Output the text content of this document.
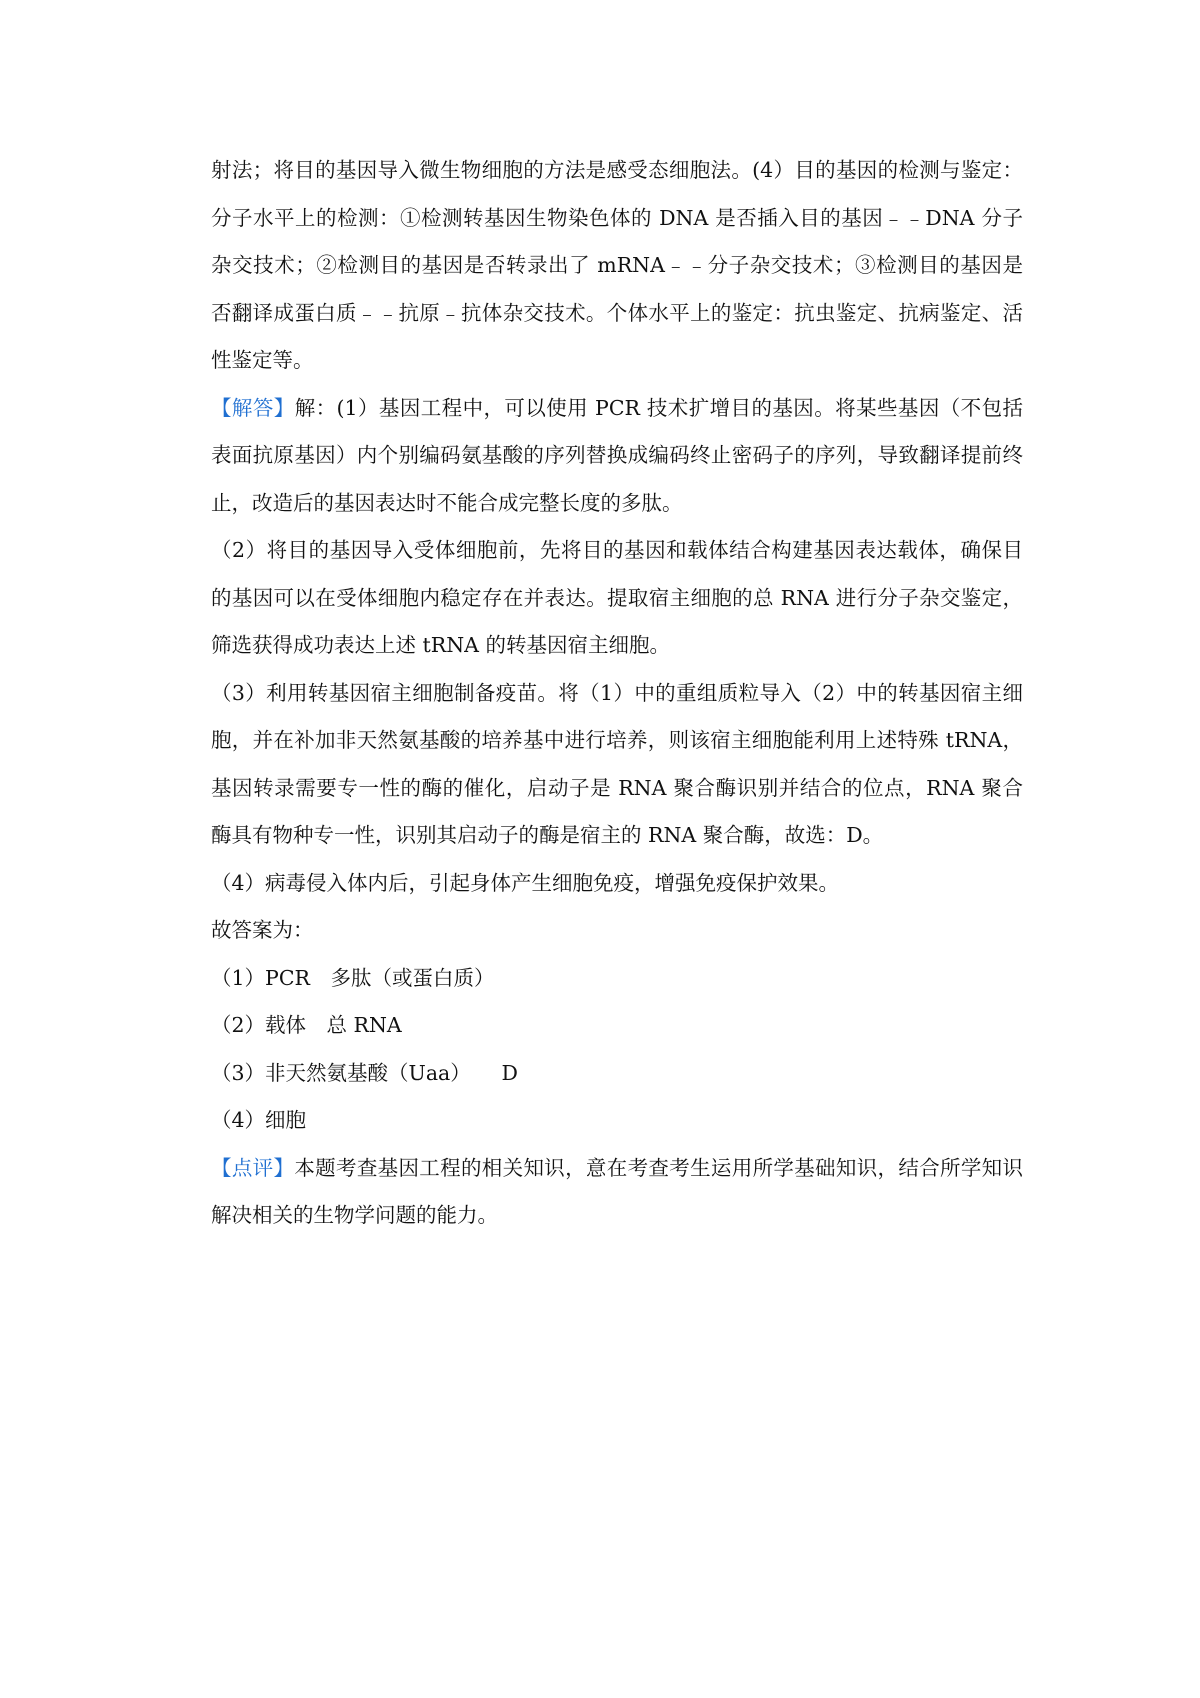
射法；将目的基因导入微生物细胞的方法是感受态细胞法。(4）目的基因的检测与鉴定：分子水平上的检测：①检测转基因生物染色体的 DNA 是否插入目的基因﹣﹣DNA 分子杂交技术；②检测目的基因是否转录出了 mRNA﹣﹣分子杂交技术；③检测目的基因是否翻译成蛋白质﹣﹣抗原﹣抗体杂交技术。个体水平上的鉴定：抗虫鉴定、抗病鉴定、活性鉴定等。

【解答】解：(1）基因工程中，可以使用 PCR 技术扩增目的基因。将某些基因（不包括表面抗原基因）内个别编码氨基酸的序列替换成编码终止密码子的序列，导致翻译提前终止，改造后的基因表达时不能合成完整长度的多肽。

（2）将目的基因导入受体细胞前，先将目的基因和载体结合构建基因表达载体，确保目的基因可以在受体细胞内稳定存在并表达。提取宿主细胞的总 RNA 进行分子杂交鉴定，筛选获得成功表达上述 tRNA 的转基因宿主细胞。

（3）利用转基因宿主细胞制备疫苗。将（1）中的重组质粒导入（2）中的转基因宿主细胞，并在补加非天然氨基酸的培养基中进行培养，则该宿主细胞能利用上述特殊 tRNA，基因转录需要专一性的酶的催化，启动子是 RNA 聚合酶识别并结合的位点，RNA 聚合酶具有物种专一性，识别其启动子的酶是宿主的 RNA 聚合酶，故选：D。

（4）病毒侵入体内后，引起身体产生细胞免疫，增强免疫保护效果。

故答案为：

（1）PCR　多肽（或蛋白质）

（2）载体　总 RNA

（3）非天然氨基酸（Uaa）　　D

（4）细胞

【点评】本题考查基因工程的相关知识，意在考查考生运用所学基础知识，结合所学知识解决相关的生物学问题的能力。
